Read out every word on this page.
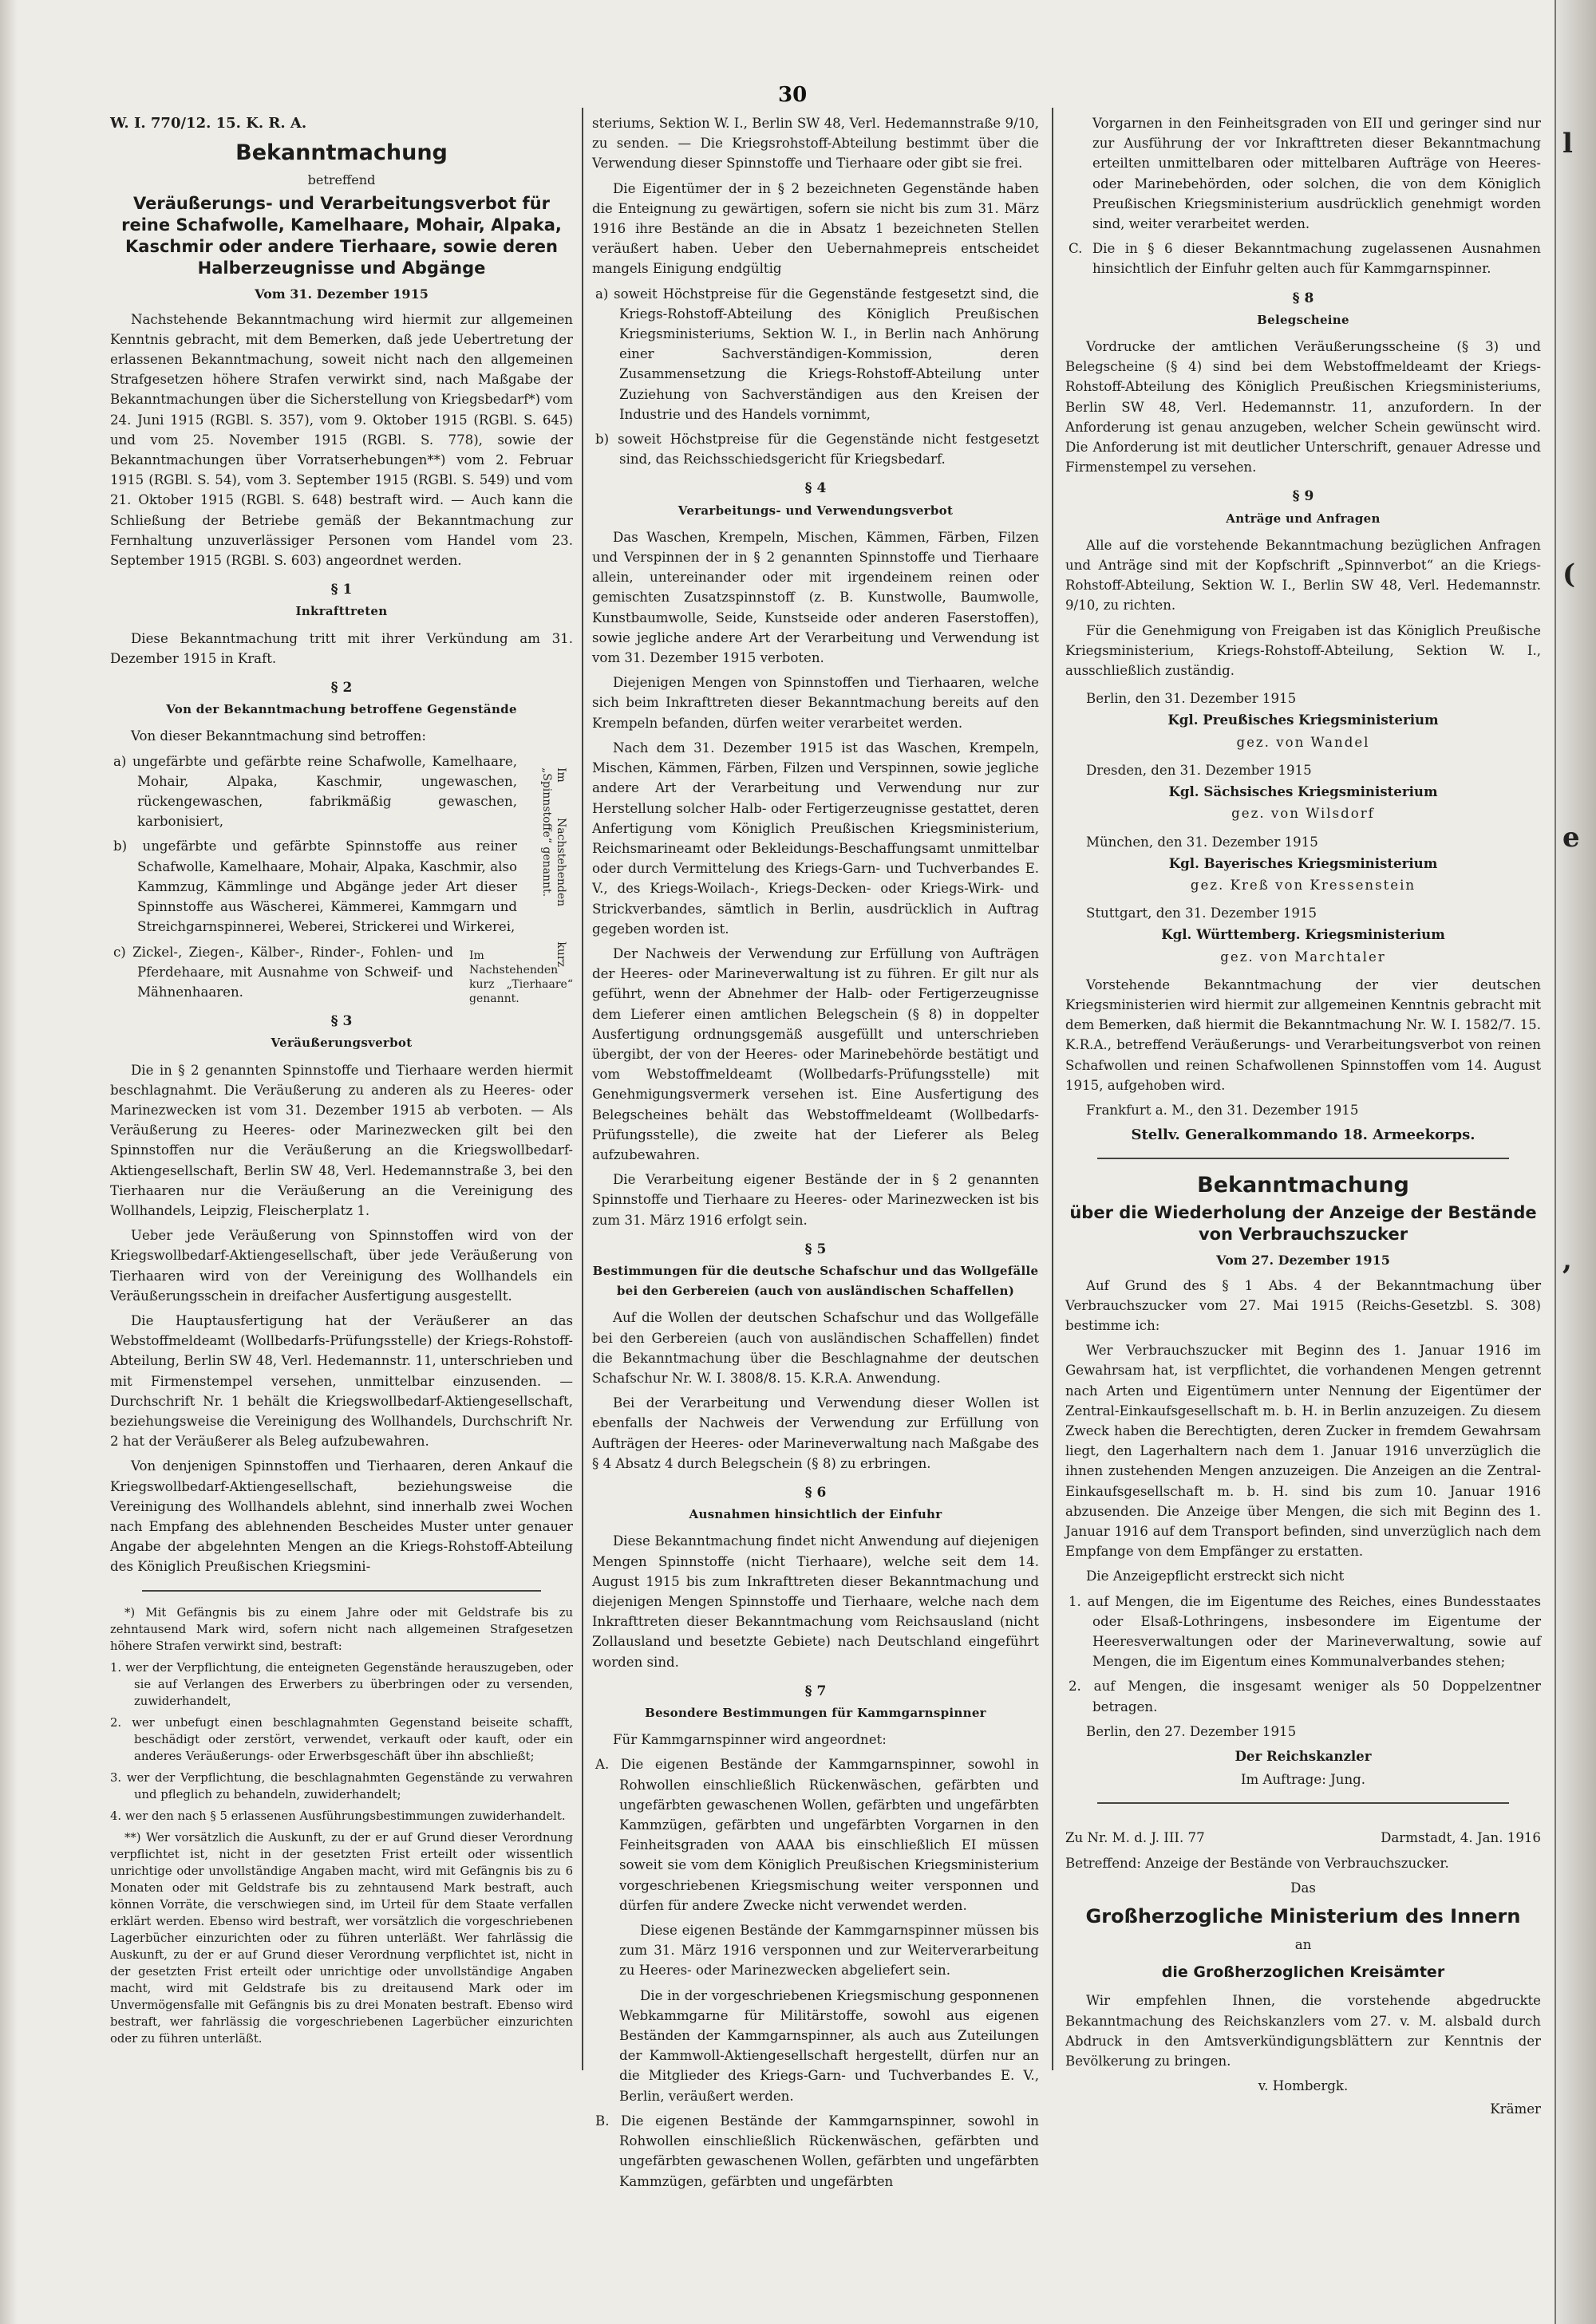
l
(
e
,
30
W. I. 770/12. 15. K. R. A.
Bekanntmachung
betreffend
Veräußerungs- und Verarbeitungsverbot für reine Schafwolle, Kamelhaare, Mohair, Alpaka, Kaschmir oder andere Tierhaare, sowie deren Halberzeugnisse und Abgänge
Vom 31. Dezember 1915

Nachstehende Bekanntmachung wird hiermit zur allgemeinen Kenntnis gebracht, mit dem Bemerken, daß jede Uebertretung der erlassenen Bekanntmachung, soweit nicht nach den allgemeinen Strafgesetzen höhere Strafen verwirkt sind, nach Maßgabe der Bekanntmachungen über die Sicherstellung von Kriegsbedarf*) vom 24. Juni 1915 (RGBl. S. 357), vom 9. Oktober 1915 (RGBl. S. 645) und vom 25. November 1915 (RGBl. S. 778), sowie der Bekanntmachungen über Vorratserhebungen**) vom 2. Februar 1915 (RGBl. S. 54), vom 3. September 1915 (RGBl. S. 549) und vom 21. Oktober 1915 (RGBl. S. 648) bestraft wird. — Auch kann die Schließung der Betriebe gemäß der Bekanntmachung zur Fernhaltung unzuverlässiger Personen vom Handel vom 23. September 1915 (RGBl. S. 603) angeordnet werden.

§ 1
Inkrafttreten

Diese Bekanntmachung tritt mit ihrer Verkündung am 31. Dezember 1915 in Kraft.

§ 2
Von der Bekanntmachung betroffene Gegenstände

Von dieser Bekanntmachung sind betroffen:

a) ungefärbte und gefärbte reine Schafwolle, Kamelhaare, Mohair, Alpaka, Kaschmir, ungewaschen, rückengewaschen, fabrikmäßig gewaschen, karbonisiert,
b) ungefärbte und gefärbte Spinnstoffe aus reiner Schafwolle, Kamelhaare, Mohair, Alpaka, Kaschmir, also Kammzug, Kämmlinge und Abgänge jeder Art dieser Spinnstoffe aus Wäscherei, Kämmerei, Kammgarn und Streichgarnspinnerei, Weberei, Strickerei und Wirkerei,	Im Nachstehenden kurz „Spinnstoffe“ genannt.
c) Zickel-, Ziegen-, Kälber-, Rinder-, Fohlen- und Pferdehaare, mit Ausnahme von Schweif- und Mähnenhaaren.
Im Nachstehenden kurz „Tierhaare“ genannt.
§ 3
Veräußerungsverbot

Die in § 2 genannten Spinnstoffe und Tierhaare werden hiermit beschlagnahmt. Die Veräußerung zu anderen als zu Heeres- oder Marinezwecken ist vom 31. Dezember 1915 ab verboten. — Als Veräußerung zu Heeres- oder Marinezwecken gilt bei den Spinnstoffen nur die Veräußerung an die Kriegswollbedarf-Aktiengesellschaft, Berlin SW 48, Verl. Hedemannstraße 3, bei den Tierhaaren nur die Veräußerung an die Vereinigung des Wollhandels, Leipzig, Fleischerplatz 1.

Ueber jede Veräußerung von Spinnstoffen wird von der Kriegswollbedarf-Aktiengesellschaft, über jede Veräußerung von Tierhaaren wird von der Vereinigung des Wollhandels ein Veräußerungsschein in dreifacher Ausfertigung ausgestellt.

Die Hauptausfertigung hat der Veräußerer an das Webstoffmeldeamt (Wollbedarfs-Prüfungsstelle) der Kriegs-Rohstoff-Abteilung, Berlin SW 48, Verl. Hedemannstr. 11, unterschrieben und mit Firmenstempel versehen, unmittelbar einzusenden. — Durchschrift Nr. 1 behält die Kriegswollbedarf-Aktiengesellschaft, beziehungsweise die Vereinigung des Wollhandels, Durchschrift Nr. 2 hat der Veräußerer als Beleg aufzubewahren.

Von denjenigen Spinnstoffen und Tierhaaren, deren Ankauf die Kriegswollbedarf-Aktiengesellschaft, beziehungsweise die Vereinigung des Wollhandels ablehnt, sind innerhalb zwei Wochen nach Empfang des ablehnenden Bescheides Muster unter genauer Angabe der abgelehnten Mengen an die Kriegs-Rohstoff-Abteilung des Königlich Preußischen Kriegsmini-

*) Mit Gefängnis bis zu einem Jahre oder mit Geldstrafe bis zu zehntausend Mark wird, sofern nicht nach allgemeinen Strafgesetzen höhere Strafen verwirkt sind, bestraft:

1. wer der Verpflichtung, die enteigneten Gegenstände herauszugeben, oder sie auf Verlangen des Erwerbers zu überbringen oder zu versenden, zuwiderhandelt,
2. wer unbefugt einen beschlagnahmten Gegenstand beiseite schafft, beschädigt oder zerstört, verwendet, verkauft oder kauft, oder ein anderes Veräußerungs- oder Erwerbsgeschäft über ihn abschließt;
3. wer der Verpflichtung, die beschlagnahmten Gegenstände zu verwahren und pfleglich zu behandeln, zuwiderhandelt;
4. wer den nach § 5 erlassenen Ausführungsbestimmungen zuwiderhandelt.

**) Wer vorsätzlich die Auskunft, zu der er auf Grund dieser Verordnung verpflichtet ist, nicht in der gesetzten Frist erteilt oder wissentlich unrichtige oder unvollständige Angaben macht, wird mit Gefängnis bis zu 6 Monaten oder mit Geldstrafe bis zu zehntausend Mark bestraft, auch können Vorräte, die verschwiegen sind, im Urteil für dem Staate verfallen erklärt werden. Ebenso wird bestraft, wer vorsätzlich die vorgeschriebenen Lagerbücher einzurichten oder zu führen unterläßt. Wer fahrlässig die Auskunft, zu der er auf Grund dieser Verordnung verpflichtet ist, nicht in der gesetzten Frist erteilt oder unrichtige oder unvollständige Angaben macht, wird mit Geldstrafe bis zu dreitausend Mark oder im Unvermögensfalle mit Gefängnis bis zu drei Monaten bestraft. Ebenso wird bestraft, wer fahrlässig die vorgeschriebenen Lagerbücher einzurichten oder zu führen unterläßt.

steriums, Sektion W. I., Berlin SW 48, Verl. Hedemannstraße 9/10, zu senden. — Die Kriegsrohstoff-Abteilung bestimmt über die Verwendung dieser Spinnstoffe und Tierhaare oder gibt sie frei.

Die Eigentümer der in § 2 bezeichneten Gegenstände haben die Enteignung zu gewärtigen, sofern sie nicht bis zum 31. März 1916 ihre Bestände an die in Absatz 1 bezeichneten Stellen veräußert haben. Ueber den Uebernahmepreis entscheidet mangels Einigung endgültig

a) soweit Höchstpreise für die Gegenstände festgesetzt sind, die Kriegs-Rohstoff-Abteilung des Königlich Preußischen Kriegsministeriums, Sektion W. I., in Berlin nach Anhörung einer Sachverständigen-Kommission, deren Zusammensetzung die Kriegs-Rohstoff-Abteilung unter Zuziehung von Sachverständigen aus den Kreisen der Industrie und des Handels vornimmt,
b) soweit Höchstpreise für die Gegenstände nicht festgesetzt sind, das Reichsschiedsgericht für Kriegsbedarf.
§ 4
Verarbeitungs- und Verwendungsverbot

Das Waschen, Krempeln, Mischen, Kämmen, Färben, Filzen und Verspinnen der in § 2 genannten Spinnstoffe und Tierhaare allein, untereinander oder mit irgendeinem reinen oder gemischten Zusatzspinnstoff (z. B. Kunstwolle, Baumwolle, Kunstbaumwolle, Seide, Kunstseide oder anderen Faserstoffen), sowie jegliche andere Art der Verarbeitung und Verwendung ist vom 31. Dezember 1915 verboten.

Diejenigen Mengen von Spinnstoffen und Tierhaaren, welche sich beim Inkrafttreten dieser Bekanntmachung bereits auf den Krempeln befanden, dürfen weiter verarbeitet werden.

Nach dem 31. Dezember 1915 ist das Waschen, Krempeln, Mischen, Kämmen, Färben, Filzen und Verspinnen, sowie jegliche andere Art der Verarbeitung und Verwendung nur zur Herstellung solcher Halb- oder Fertigerzeugnisse gestattet, deren Anfertigung vom Königlich Preußischen Kriegsministerium, Reichsmarineamt oder Bekleidungs-Beschaffungsamt unmittelbar oder durch Vermittelung des Kriegs-Garn- und Tuchverbandes E. V., des Kriegs-Woilach-, Kriegs-Decken- oder Kriegs-Wirk- und Strickverbandes, sämtlich in Berlin, ausdrücklich in Auftrag gegeben worden ist.

Der Nachweis der Verwendung zur Erfüllung von Aufträgen der Heeres- oder Marineverwaltung ist zu führen. Er gilt nur als geführt, wenn der Abnehmer der Halb- oder Fertigerzeugnisse dem Lieferer einen amtlichen Belegschein (§ 8) in doppelter Ausfertigung ordnungsgemäß ausgefüllt und unterschrieben übergibt, der von der Heeres- oder Marinebehörde bestätigt und vom Webstoffmeldeamt (Wollbedarfs-Prüfungsstelle) mit Genehmigungsvermerk versehen ist. Eine Ausfertigung des Belegscheines behält das Webstoffmeldeamt (Wollbedarfs-Prüfungsstelle), die zweite hat der Lieferer als Beleg aufzubewahren.

Die Verarbeitung eigener Bestände der in § 2 genannten Spinnstoffe und Tierhaare zu Heeres- oder Marinezwecken ist bis zum 31. März 1916 erfolgt sein.

§ 5
Bestimmungen für die deutsche Schafschur und das Wollgefälle bei den Gerbereien (auch von ausländischen Schaffellen)

Auf die Wollen der deutschen Schafschur und das Wollgefälle bei den Gerbereien (auch von ausländischen Schaffellen) findet die Bekanntmachung über die Beschlagnahme der deutschen Schafschur Nr. W. I. 3808/8. 15. K.R.A. Anwendung.

Bei der Verarbeitung und Verwendung dieser Wollen ist ebenfalls der Nachweis der Verwendung zur Erfüllung von Aufträgen der Heeres- oder Marineverwaltung nach Maßgabe des § 4 Absatz 4 durch Belegschein (§ 8) zu erbringen.

§ 6
Ausnahmen hinsichtlich der Einfuhr

Diese Bekanntmachung findet nicht Anwendung auf diejenigen Mengen Spinnstoffe (nicht Tierhaare), welche seit dem 14. August 1915 bis zum Inkrafttreten dieser Bekanntmachung und diejenigen Mengen Spinnstoffe und Tierhaare, welche nach dem Inkrafttreten dieser Bekanntmachung vom Reichsausland (nicht Zollausland und besetzte Gebiete) nach Deutschland eingeführt worden sind.

§ 7
Besondere Bestimmungen für Kammgarnspinner

Für Kammgarnspinner wird angeordnet:

A. Die eigenen Bestände der Kammgarnspinner, sowohl in Rohwollen einschließlich Rückenwäschen, gefärbten und ungefärbten gewaschenen Wollen, gefärbten und ungefärbten Kammzügen, gefärbten und ungefärbten Vorgarnen in den Feinheitsgraden von AAAA bis einschließlich EI müssen soweit sie vom dem Königlich Preußischen Kriegsministerium vorgeschriebenen Kriegsmischung weiter versponnen und dürfen für andere Zwecke nicht verwendet werden.

Diese eigenen Bestände der Kammgarnspinner müssen bis zum 31. März 1916 versponnen und zur Weiterverarbeitung zu Heeres- oder Marinezwecken abgeliefert sein.

Die in der vorgeschriebenen Kriegsmischung gesponnenen Webkammgarne für Militärstoffe, sowohl aus eigenen Beständen der Kammgarnspinner, als auch aus Zuteilungen der Kammwoll-Aktiengesellschaft hergestellt, dürfen nur an die Mitglieder des Kriegs-Garn- und Tuchverbandes E. V., Berlin, veräußert werden.

B. Die eigenen Bestände der Kammgarnspinner, sowohl in Rohwollen einschließlich Rückenwäschen, gefärbten und ungefärbten gewaschenen Wollen, gefärbten und ungefärbten Kammzügen, gefärbten und ungefärbten

Vorgarnen in den Feinheitsgraden von EII und geringer sind nur zur Ausführung der vor Inkrafttreten dieser Bekanntmachung erteilten unmittelbaren oder mittelbaren Aufträge von Heeres- oder Marinebehörden, oder solchen, die von dem Königlich Preußischen Kriegsministerium ausdrücklich genehmigt worden sind, weiter verarbeitet werden.

C. Die in § 6 dieser Bekanntmachung zugelassenen Ausnahmen hinsichtlich der Einfuhr gelten auch für Kammgarnspinner.
§ 8
Belegscheine

Vordrucke der amtlichen Veräußerungsscheine (§ 3) und Belegscheine (§ 4) sind bei dem Webstoffmeldeamt der Kriegs-Rohstoff-Abteilung des Königlich Preußischen Kriegsministeriums, Berlin SW 48, Verl. Hedemannstr. 11, anzufordern. In der Anforderung ist genau anzugeben, welcher Schein gewünscht wird. Die Anforderung ist mit deutlicher Unterschrift, genauer Adresse und Firmenstempel zu versehen.

§ 9
Anträge und Anfragen

Alle auf die vorstehende Bekanntmachung bezüglichen Anfragen und Anträge sind mit der Kopfschrift „Spinnverbot“ an die Kriegs-Rohstoff-Abteilung, Sektion W. I., Berlin SW 48, Verl. Hedemannstr. 9/10, zu richten.

Für die Genehmigung von Freigaben ist das Königlich Preußische Kriegsministerium, Kriegs-Rohstoff-Abteilung, Sektion W. I., ausschließlich zuständig.

Berlin, den 31. Dezember 1915
Kgl. Preußisches Kriegsministerium
gez. von Wandel
Dresden, den 31. Dezember 1915
Kgl. Sächsisches Kriegsministerium
gez. von Wilsdorf
München, den 31. Dezember 1915
Kgl. Bayerisches Kriegsministerium
gez. Kreß von Kressenstein
Stuttgart, den 31. Dezember 1915
Kgl. Württemberg. Kriegsministerium
gez. von Marchtaler

Vorstehende Bekanntmachung der vier deutschen Kriegsministerien wird hiermit zur allgemeinen Kenntnis gebracht mit dem Bemerken, daß hiermit die Bekanntmachung Nr. W. I. 1582/7. 15. K.R.A., betreffend Veräußerungs- und Verarbeitungsverbot von reinen Schafwollen und reinen Schafwollenen Spinnstoffen vom 14. August 1915, aufgehoben wird.

Frankfurt a. M., den 31. Dezember 1915

Stellv. Generalkommando 18. Armeekorps.
Bekanntmachung
über die Wiederholung der Anzeige der Bestände von Verbrauchszucker
Vom 27. Dezember 1915

Auf Grund des § 1 Abs. 4 der Bekanntmachung über Verbrauchszucker vom 27. Mai 1915 (Reichs-Gesetzbl. S. 308) bestimme ich:

Wer Verbrauchszucker mit Beginn des 1. Januar 1916 im Gewahrsam hat, ist verpflichtet, die vorhandenen Mengen getrennt nach Arten und Eigentümern unter Nennung der Eigentümer der Zentral-Einkaufsgesellschaft m. b. H. in Berlin anzuzeigen. Zu diesem Zweck haben die Berechtigten, deren Zucker in fremdem Gewahrsam liegt, den Lagerhaltern nach dem 1. Januar 1916 unverzüglich die ihnen zustehenden Mengen anzuzeigen. Die Anzeigen an die Zentral-Einkaufsgesellschaft m. b. H. sind bis zum 10. Januar 1916 abzusenden. Die Anzeige über Mengen, die sich mit Beginn des 1. Januar 1916 auf dem Transport befinden, sind unverzüglich nach dem Empfange von dem Empfänger zu erstatten.

Die Anzeigepflicht erstreckt sich nicht

1. auf Mengen, die im Eigentume des Reiches, eines Bundesstaates oder Elsaß-Lothringens, insbesondere im Eigentume der Heeresverwaltungen oder der Marineverwaltung, sowie auf Mengen, die im Eigentum eines Kommunalverbandes stehen;
2. auf Mengen, die insgesamt weniger als 50 Doppelzentner betragen.

Berlin, den 27. Dezember 1915

Der Reichskanzler
Im Auftrage: Jung.
Zu Nr. M. d. J. III. 77	Darmstadt, 4. Jan. 1916
Betreffend: Anzeige der Bestände von Verbrauchszucker.
Das
Großherzogliche Ministerium des Innern
an
die Großherzoglichen Kreisämter

Wir empfehlen Ihnen, die vorstehende abgedruckte Bekanntmachung des Reichskanzlers vom 27. v. M. alsbald durch Abdruck in den Amtsverkündigungsblättern zur Kenntnis der Bevölkerung zu bringen.

v. Hombergk.
Krämer
